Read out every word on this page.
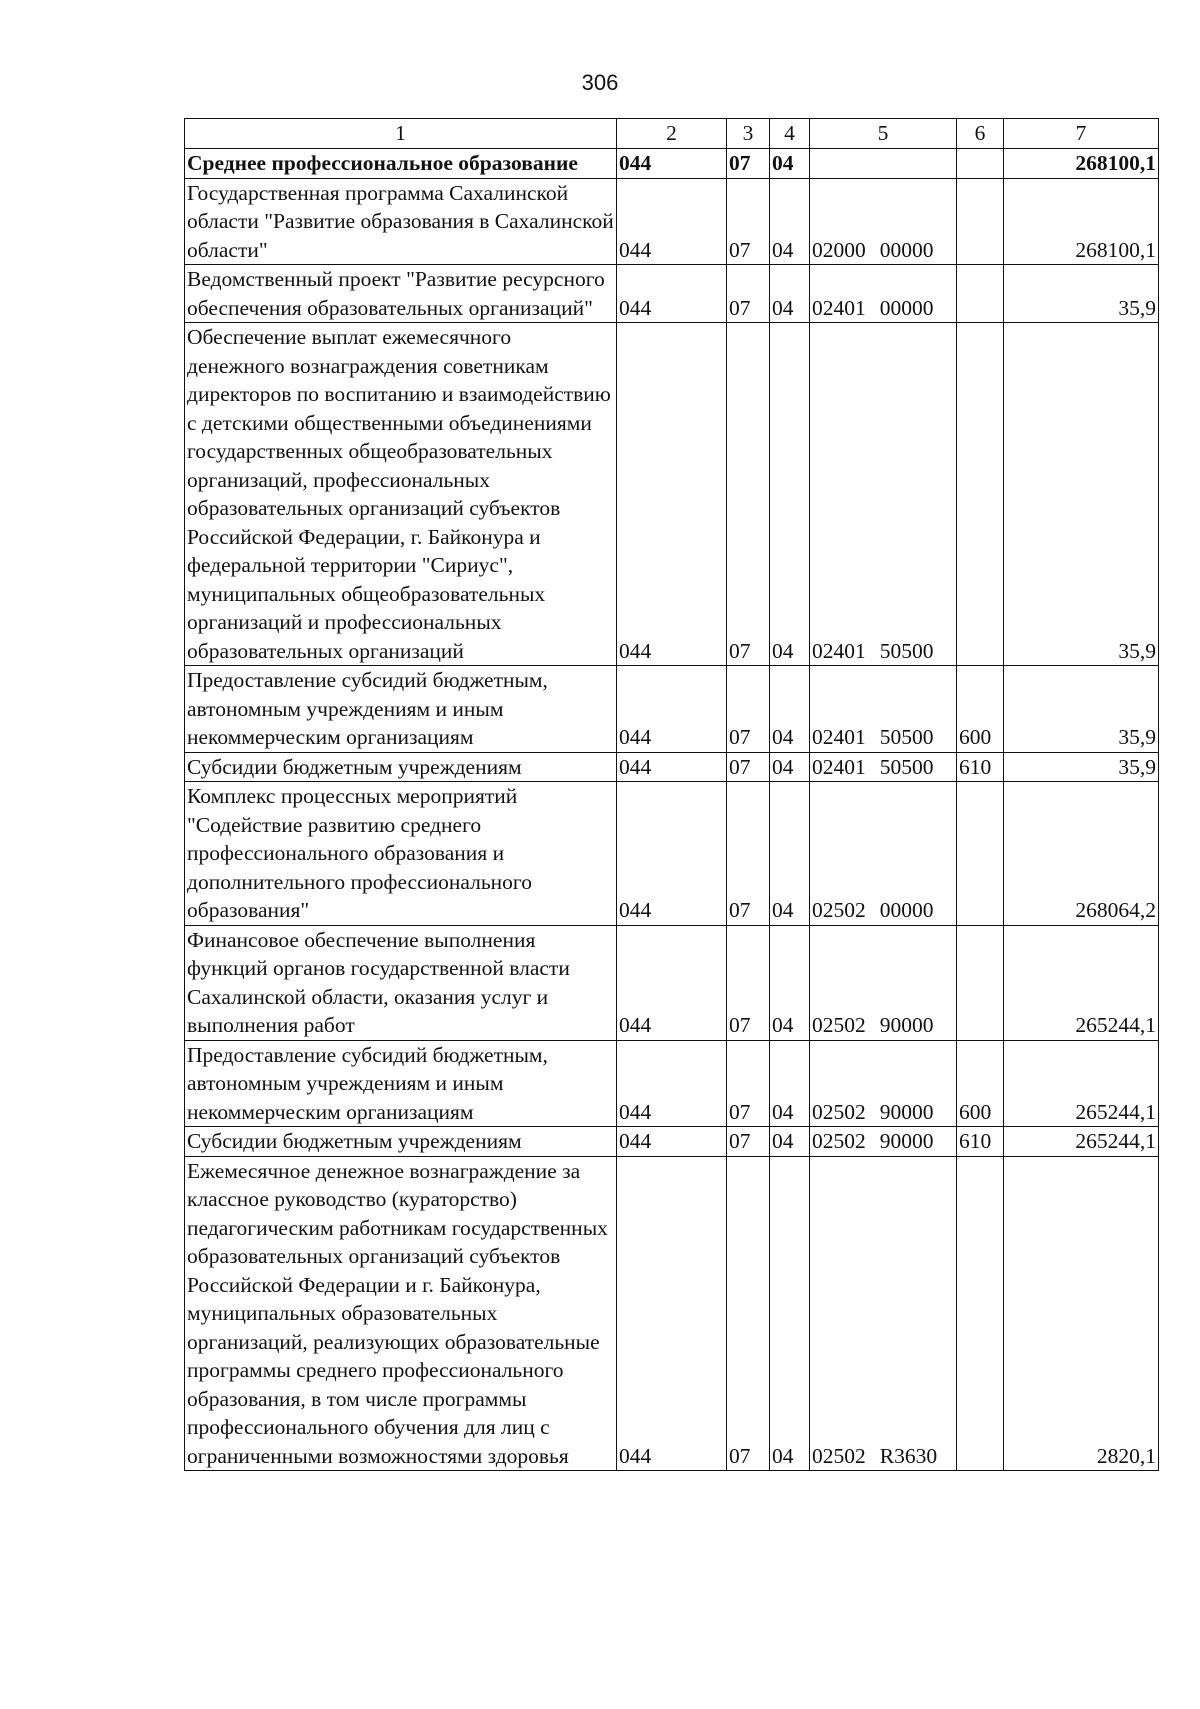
306
1	2	3	4	5	6	7
Среднее профессиональное образование	044	07	04			268100,1
Государственная программа Сахалинской области "Развитие образования в Сахалинской области"	044	07	04	02000 00000		268100,1
Ведомственный проект "Развитие ресурсного обеспечения образовательных организаций"	044	07	04	02401 00000		35,9
Обеспечение выплат ежемесячного денежного вознаграждения советникам директоров по воспитанию и взаимодействию с детскими общественными объединениями государственных общеобразовательных организаций, профессиональных образовательных организаций субъектов Российской Федерации, г. Байконура и федеральной территории "Сириус", муниципальных общеобразовательных организаций и профессиональных образовательных организаций	044	07	04	02401 50500		35,9
Предоставление субсидий бюджетным, автономным учреждениям и иным некоммерческим организациям	044	07	04	02401 50500	600	35,9
Субсидии бюджетным учреждениям	044	07	04	02401 50500	610	35,9
Комплекс процессных мероприятий "Содействие развитию среднего профессионального образования и дополнительного профессионального образования"	044	07	04	02502 00000		268064,2
Финансовое обеспечение выполнения функций органов государственной власти Сахалинской области, оказания услуг и выполнения работ	044	07	04	02502 90000		265244,1
Предоставление субсидий бюджетным, автономным учреждениям и иным некоммерческим организациям	044	07	04	02502 90000	600	265244,1
Субсидии бюджетным учреждениям	044	07	04	02502 90000	610	265244,1
Ежемесячное денежное вознаграждение за классное руководство (кураторство) педагогическим работникам государственных образовательных организаций субъектов Российской Федерации и г. Байконура, муниципальных образовательных организаций, реализующих образовательные программы среднего профессионального образования, в том числе программы профессионального обучения для лиц с ограниченными возможностями здоровья	044	07	04	02502 R3630		2820,1
